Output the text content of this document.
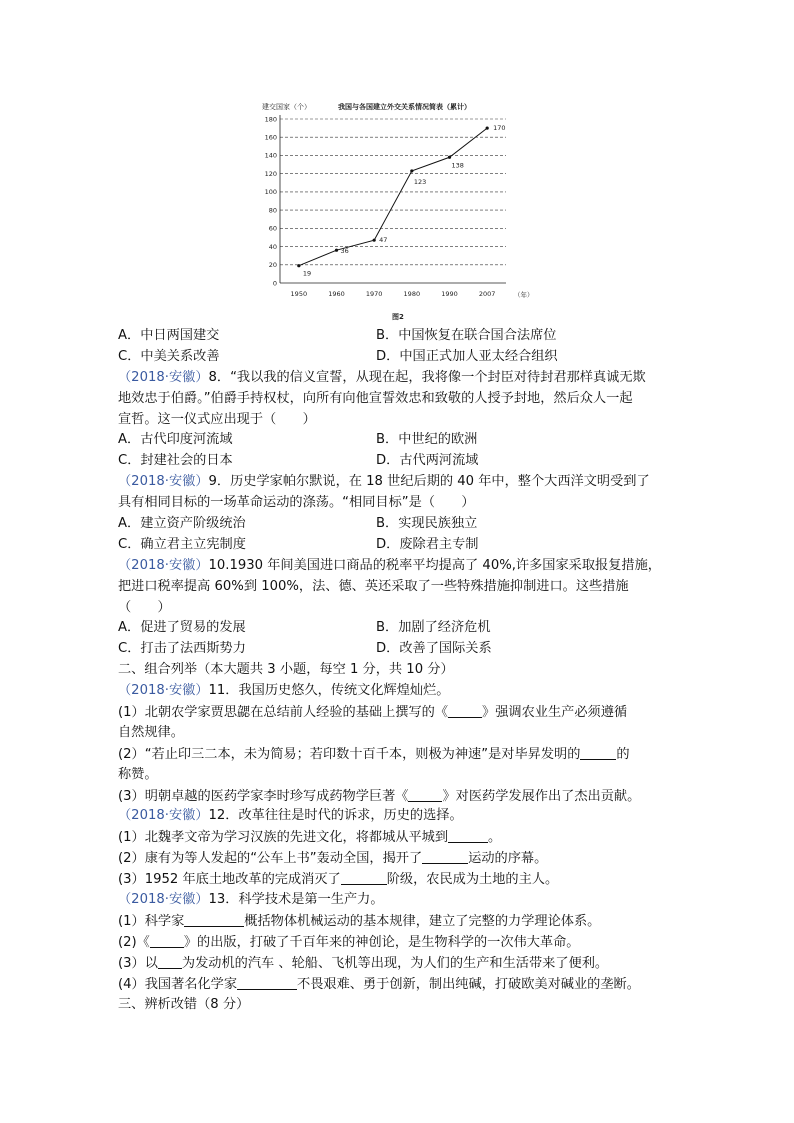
0
20
40
60
80
100
120
140
160
180
1950	1960	1970	1980	1990	2007
19
36
47
123
138
170
建交国家（个）	我国与各国建立外交关系情况简表（累计）
（年）
图2
A．中日两国建交	B．中国恢复在联合国合法席位
C．中美关系改善	D．中国正式加人亚太经合组织
（2018·安徽）8．“我以我的信义宣誓，从现在起，我将像一个封臣对待封君那样真诚无欺
地效忠于伯爵。”伯爵手持权杖，向所有向他宣誓效忠和致敬的人授予封地，然后众人一起
宣哲。这一仪式应出现于（　　）
A．古代印度河流域	B．中世纪的欧洲
C．封建社会的日本	D．古代两河流域
（2018·安徽）9．历史学家帕尔默说，在 18 世纪后期的 40 年中，整个大西洋文明受到了
具有相同目标的一场革命运动的涤荡。“相同目标”是（　　）
A．建立资产阶级统治	B．实现民族独立
C．确立君主立宪制度	D．废除君主专制
（2018·安徽）10.1930 年间美国进口商品的税率平均提高了 40%,许多国家采取报复措施，
把进口税率提高 60%到 100%，法、德、英还采取了一些特殊措施抑制进口。这些措施
（　　）
A．促进了贸易的发展	B．加剧了经济危机
C．打击了法西斯势力	D．改善了国际关系
二、组合列举（本大题共 3 小题，每空 1 分，共 10 分）
（2018·安徽）11．我国历史悠久，传统文化辉煌灿烂。
(1）北朝农学家贾思勰在总结前人经验的基础上撰写的《	》强调农业生产必须遵循
自然规律。
(2）“若止印三二本，未为简易；若印数十百千本，则极为神速”是对毕昇发明的	的
称赞。
(3）明朝卓越的医药学家李时珍写成药物学巨著《	》对医药学发展作出了杰出贡献。
（2018·安徽）12．改革往往是时代的诉求，历史的选择。
(1）北魏孝文帝为学习汉族的先进文化，将都城从平城到	。
(2）康有为等人发起的“公车上书”轰动全国，揭开了	运动的序幕。
(3）1952 年底土地改革的完成消灭了	阶级，农民成为土地的主人。
（2018·安徽）13．科学技术是第一生产力。
(1）科学家	概括物体机械运动的基本规律，建立了完整的力学理论体系。
(2)《	》的出版，打破了千百年来的神创论，是生物科学的一次伟大革命。
(3）以 为发动机的汽车 、轮船、飞机等出现，为人们的生产和生活带来了便利。
(4）我国著名化学家	不畏艰难、勇于创新，制出纯碱，打破欧美对碱业的垄断。
三、辨析改错（8 分）
